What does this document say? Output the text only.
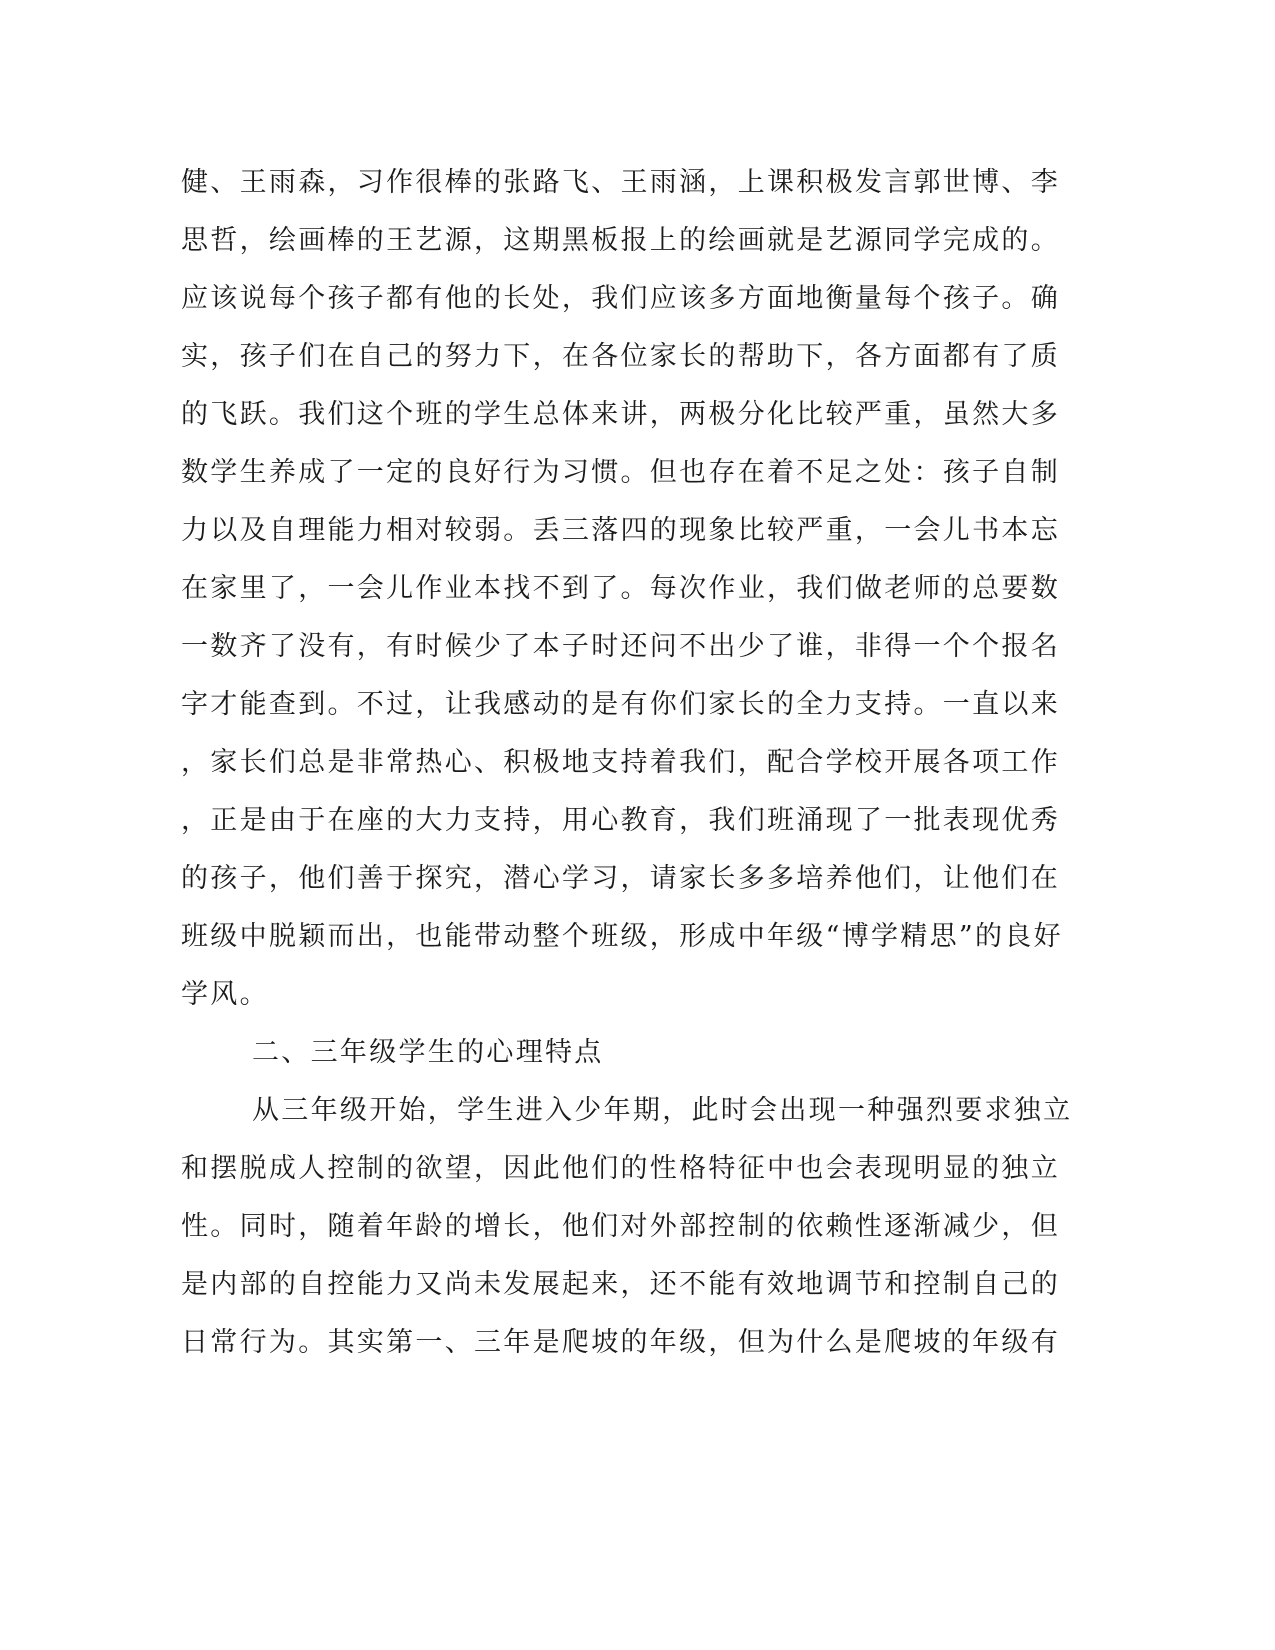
健、王雨森，习作很棒的张路飞、王雨涵，上课积极发言郭世博、李
思哲，绘画棒的王艺源，这期黑板报上的绘画就是艺源同学完成的。
应该说每个孩子都有他的长处，我们应该多方面地衡量每个孩子。确
实，孩子们在自己的努力下，在各位家长的帮助下，各方面都有了质
的飞跃。我们这个班的学生总体来讲，两极分化比较严重，虽然大多
数学生养成了一定的良好行为习惯。但也存在着不足之处：孩子自制
力以及自理能力相对较弱。丢三落四的现象比较严重，一会儿书本忘
在家里了，一会儿作业本找不到了。每次作业，我们做老师的总要数
一数齐了没有，有时候少了本子时还问不出少了谁，非得一个个报名
字才能查到。不过，让我感动的是有你们家长的全力支持。一直以来
，家长们总是非常热心、积极地支持着我们，配合学校开展各项工作
，正是由于在座的大力支持，用心教育，我们班涌现了一批表现优秀
的孩子，他们善于探究，潜心学习，请家长多多培养他们，让他们在
班级中脱颖而出，也能带动整个班级，形成中年级“博学精思”的良好
学风。
二、三年级学生的心理特点
从三年级开始，学生进入少年期，此时会出现一种强烈要求独立
和摆脱成人控制的欲望，因此他们的性格特征中也会表现明显的独立
性。同时，随着年龄的增长，他们对外部控制的依赖性逐渐减少，但
是内部的自控能力又尚未发展起来，还不能有效地调节和控制自己的
日常行为。其实第一、三年是爬坡的年级，但为什么是爬坡的年级有
